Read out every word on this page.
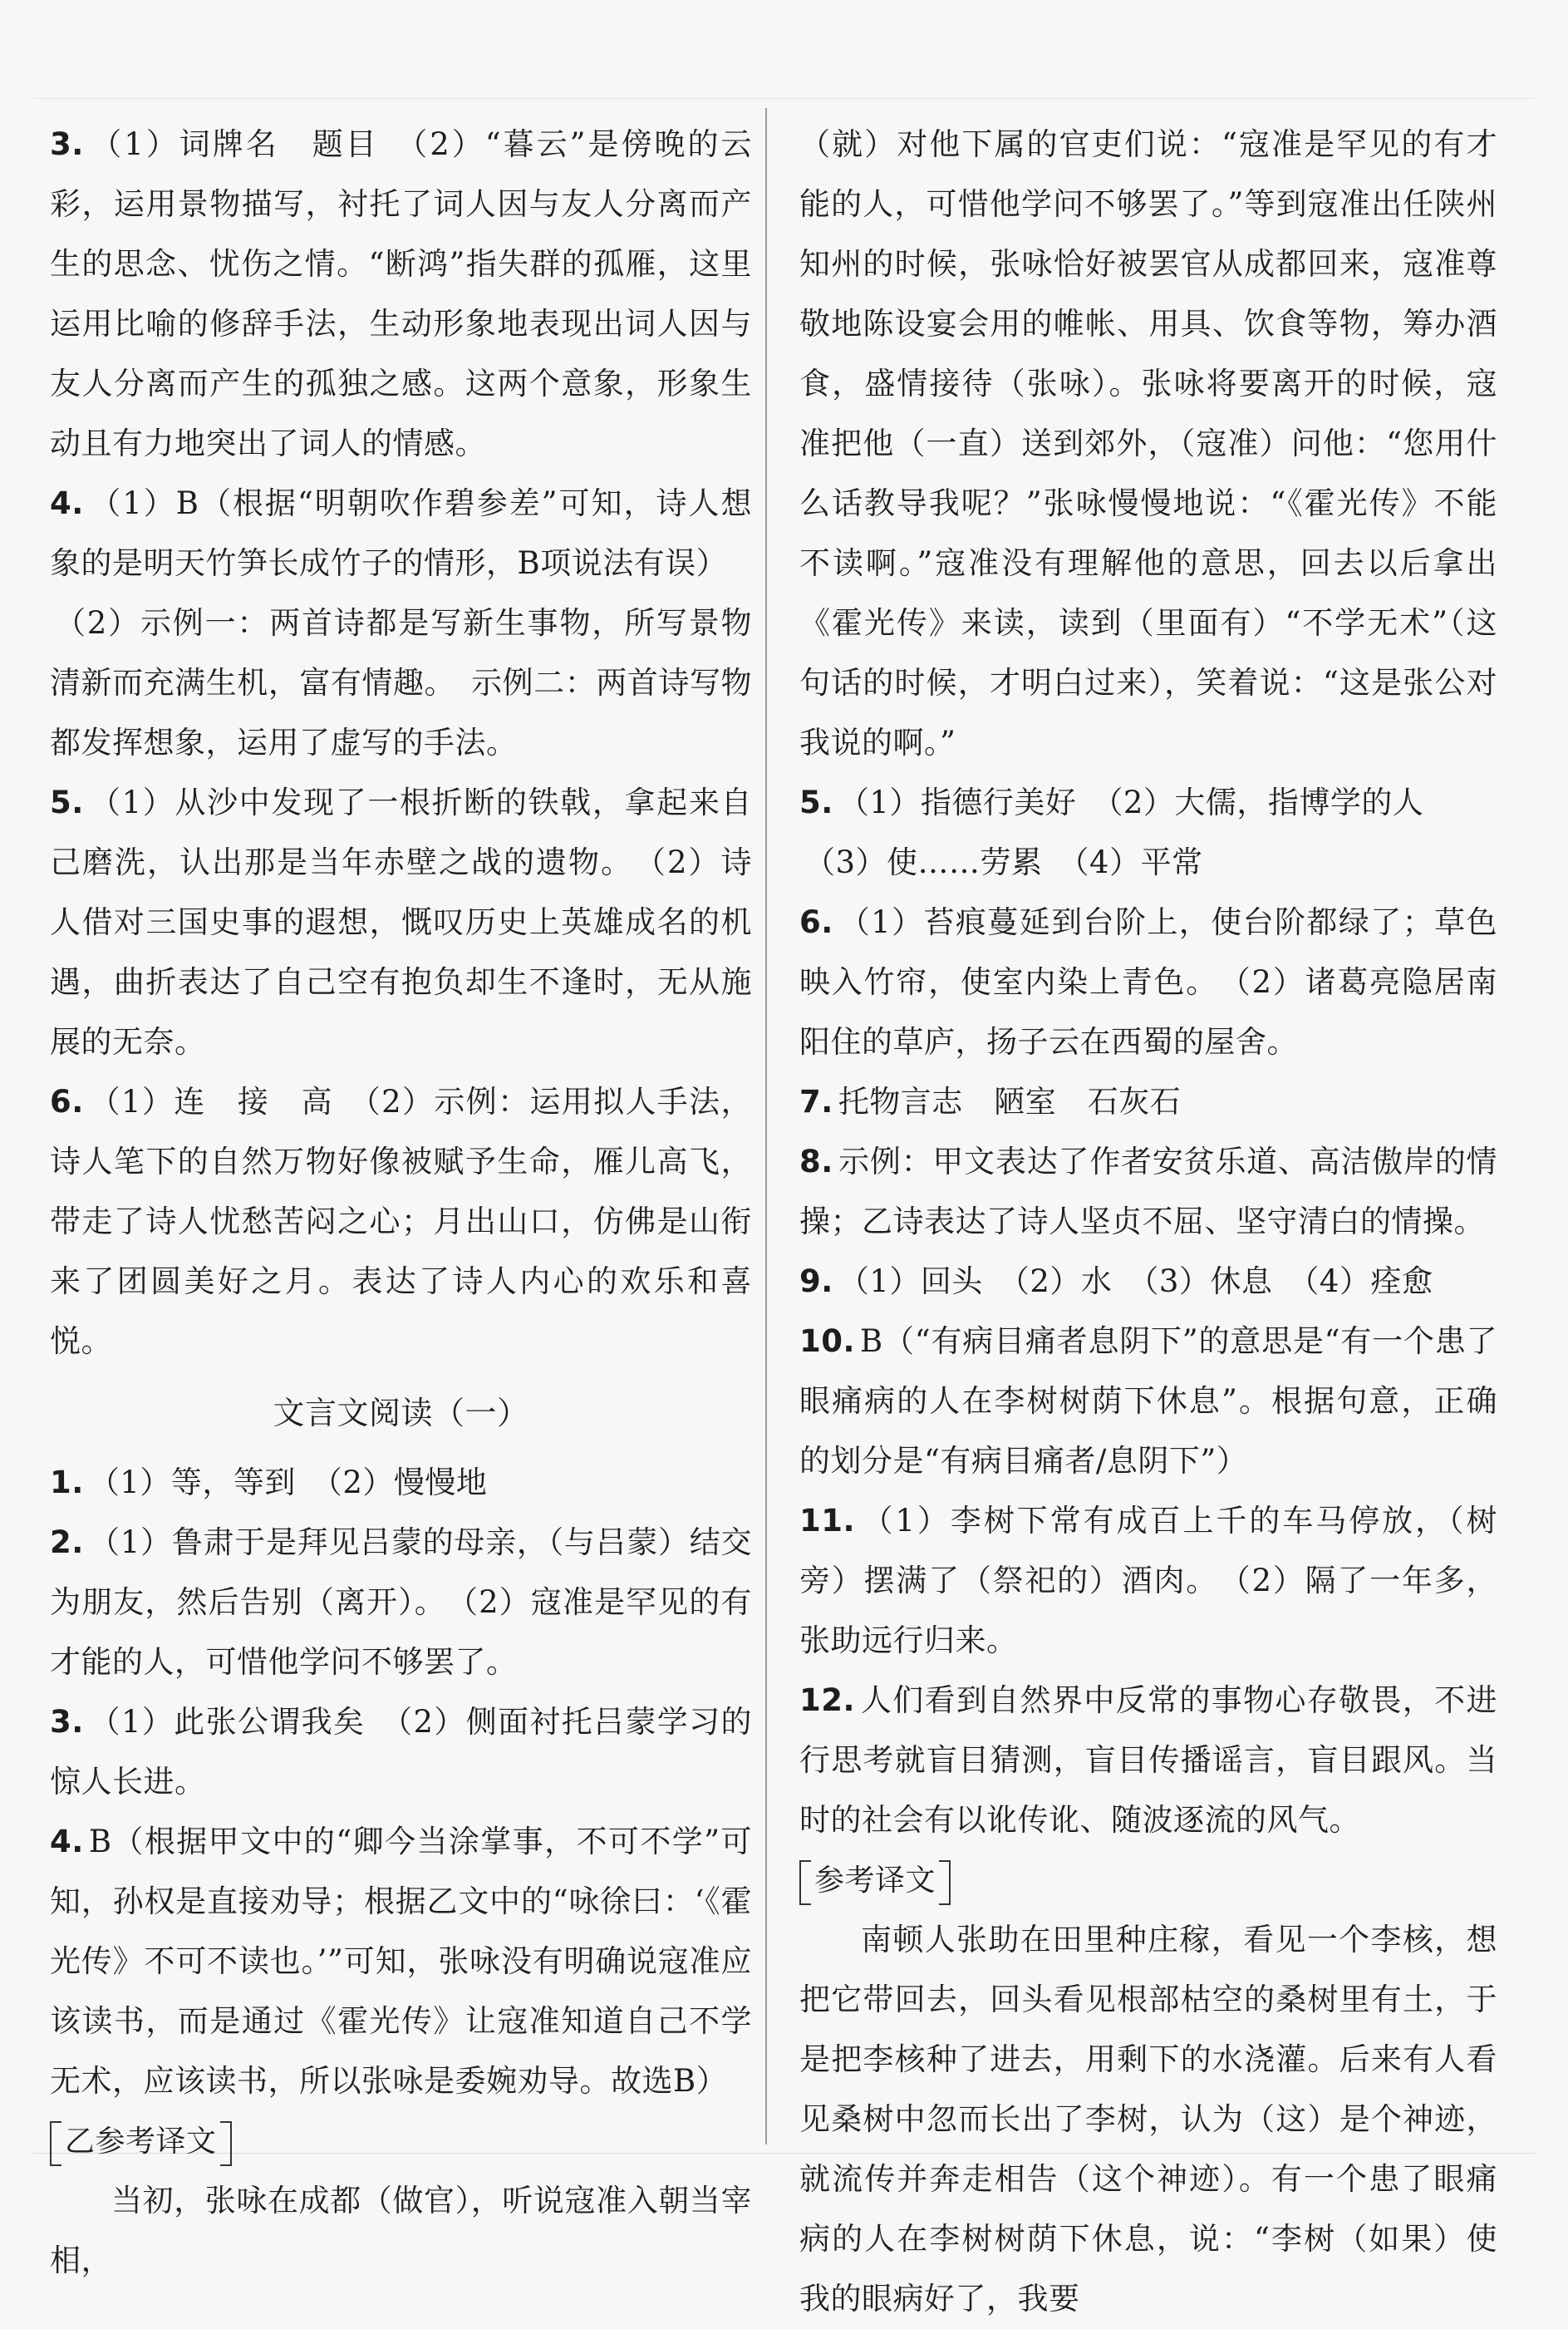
3. （1）词牌名　题目　（2）“暮云”是傍晚的云彩，运用景物描写，衬托了词人因与友人分离而产生的思念、忧伤之情。“断鸿”指失群的孤雁，这里运用比喻的修辞手法，生动形象地表现出词人因与友人分离而产生的孤独之感。这两个意象，形象生动且有力地突出了词人的情感。

4. （1）B（根据“明朝吹作碧参差”可知，诗人想象的是明天竹笋长成竹子的情形，B项说法有误）

（2）示例一：两首诗都是写新生事物，所写景物清新而充满生机，富有情趣。　示例二：两首诗写物都发挥想象，运用了虚写的手法。

5. （1）从沙中发现了一根折断的铁戟，拿起来自己磨洗，认出那是当年赤壁之战的遗物。　（2）诗人借对三国史事的遐想，慨叹历史上英雄成名的机遇，曲折表达了自己空有抱负却生不逢时，无从施展的无奈。

6. （1）连　接　高　（2）示例：运用拟人手法，诗人笔下的自然万物好像被赋予生命，雁儿高飞，带走了诗人忧愁苦闷之心；月出山口，仿佛是山衔来了团圆美好之月。表达了诗人内心的欢乐和喜悦。

文言文阅读（一）

1. （1）等，等到　（2）慢慢地

2. （1）鲁肃于是拜见吕蒙的母亲，（与吕蒙）结交为朋友，然后告别（离开）。　（2）寇准是罕见的有才能的人，可惜他学问不够罢了。

3. （1）此张公谓我矣　（2）侧面衬托吕蒙学习的惊人长进。

4. B（根据甲文中的“卿今当涂掌事，不可不学”可知，孙权是直接劝导；根据乙文中的“咏徐曰：‘《霍光传》不可不读也。’”可知，张咏没有明确说寇准应该读书，而是通过《霍光传》让寇准知道自己不学无术，应该读书，所以张咏是委婉劝导。故选B）

乙参考译文

当初，张咏在成都（做官），听说寇准入朝当宰相，

（就）对他下属的官吏们说：“寇准是罕见的有才能的人，可惜他学问不够罢了。”等到寇准出任陕州知州的时候，张咏恰好被罢官从成都回来，寇准尊敬地陈设宴会用的帷帐、用具、饮食等物，筹办酒食，盛情接待（张咏）。张咏将要离开的时候，寇准把他（一直）送到郊外，（寇准）问他：“您用什么话教导我呢？”张咏慢慢地说：“《霍光传》不能不读啊。”寇准没有理解他的意思，回去以后拿出《霍光传》来读，读到（里面有）“不学无术”（这句话的时候，才明白过来），笑着说：“这是张公对我说的啊。”

5. （1）指德行美好　（2）大儒，指博学的人

（3）使……劳累　（4）平常

6. （1）苔痕蔓延到台阶上，使台阶都绿了；草色映入竹帘，使室内染上青色。　（2）诸葛亮隐居南阳住的草庐，扬子云在西蜀的屋舍。

7. 托物言志　陋室　石灰石

8. 示例：甲文表达了作者安贫乐道、高洁傲岸的情操；乙诗表达了诗人坚贞不屈、坚守清白的情操。

9. （1）回头　（2）水　（3）休息　（4）痊愈

10. B（“有病目痛者息阴下”的意思是“有一个患了眼痛病的人在李树树荫下休息”。根据句意，正确的划分是“有病目痛者/息阴下”）

11. （1）李树下常有成百上千的车马停放，（树旁）摆满了（祭祀的）酒肉。　（2）隔了一年多，张助远行归来。

12. 人们看到自然界中反常的事物心存敬畏，不进行思考就盲目猜测，盲目传播谣言，盲目跟风。当时的社会有以讹传讹、随波逐流的风气。

参考译文

南顿人张助在田里种庄稼，看见一个李核，想把它带回去，回头看见根部枯空的桑树里有土，于是把李核种了进去，用剩下的水浇灌。后来有人看见桑树中忽而长出了李树，认为（这）是个神迹，就流传并奔走相告（这个神迹）。有一个患了眼痛病的人在李树树荫下休息，说：“李树（如果）使我的眼病好了，我要
